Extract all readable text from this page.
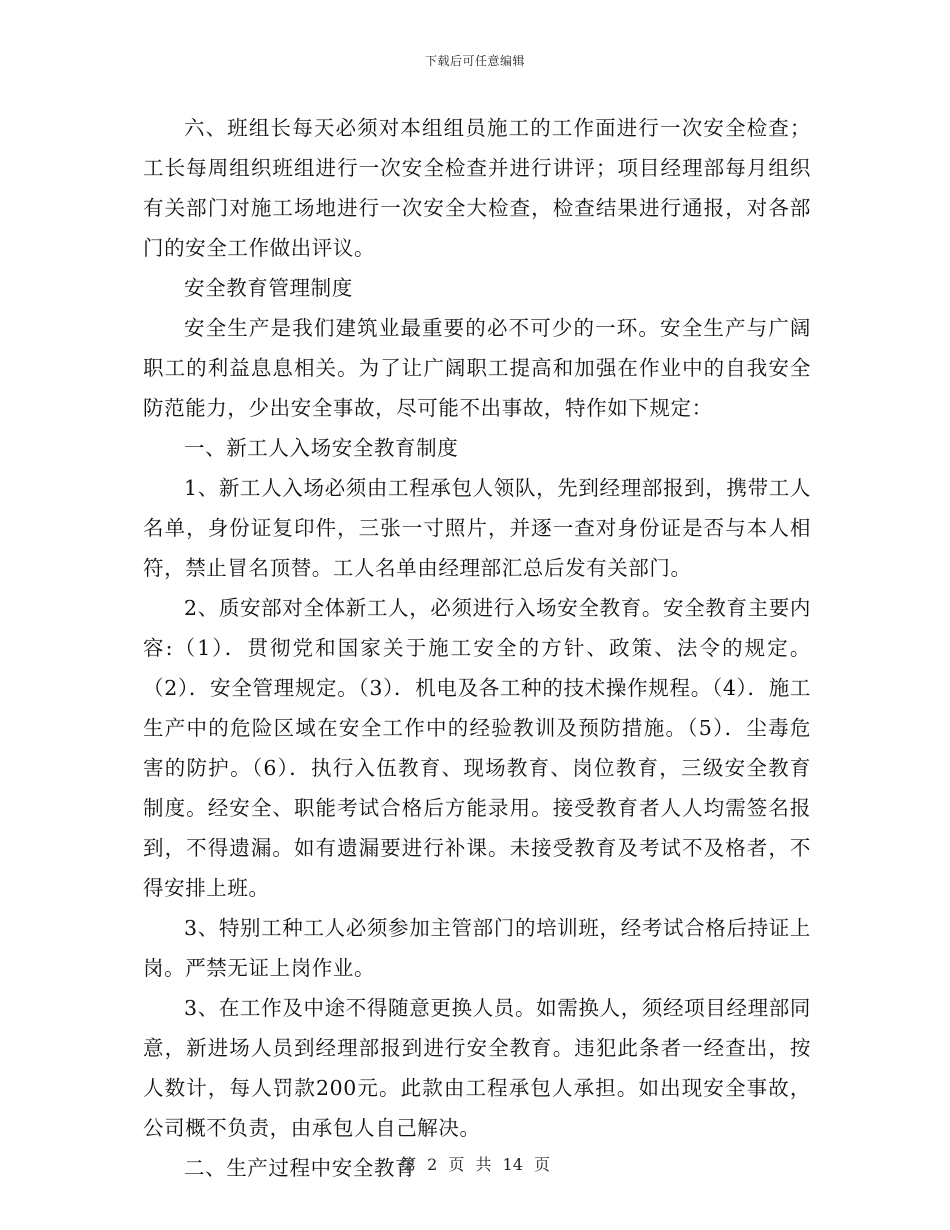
下载后可任意编辑

六、班组长每天必须对本组组员施工的工作面进行一次安全检查；工长每周组织班组进行一次安全检查并进行讲评；项目经理部每月组织有关部门对施工场地进行一次安全大检查，检查结果进行通报，对各部门的安全工作做出评议。

安全教育管理制度

安全生产是我们建筑业最重要的必不可少的一环。安全生产与广阔职工的利益息息相关。为了让广阔职工提高和加强在作业中的自我安全防范能力，少出安全事故，尽可能不出事故，特作如下规定：

一、新工人入场安全教育制度

1、新工人入场必须由工程承包人领队，先到经理部报到，携带工人名单，身份证复印件，三张一寸照片，并逐一查对身份证是否与本人相符，禁止冒名顶替。工人名单由经理部汇总后发有关部门。

2、质安部对全体新工人，必须进行入场安全教育。安全教育主要内容:（1）．贯彻党和国家关于施工安全的方针、政策、法令的规定。（2）．安全管理规定。（3）．机电及各工种的技术操作规程。（4）．施工生产中的危险区域在安全工作中的经验教训及预防措施。（5）．尘毒危害的防护。（6）．执行入伍教育、现场教育、岗位教育，三级安全教育制度。经安全、职能考试合格后方能录用。接受教育者人人均需签名报到，不得遗漏。如有遗漏要进行补课。未接受教育及考试不及格者，不得安排上班。

3、特别工种工人必须参加主管部门的培训班，经考试合格后持证上岗。严禁无证上岗作业。

3、在工作及中途不得随意更换人员。如需换人，须经项目经理部同意，新进场人员到经理部报到进行安全教育。违犯此条者一经查出，按人数计，每人罚款200元。此款由工程承包人承担。如出现安全事故，公司概不负责，由承包人自己解决。

二、生产过程中安全教育

第 2 页 共 14 页
